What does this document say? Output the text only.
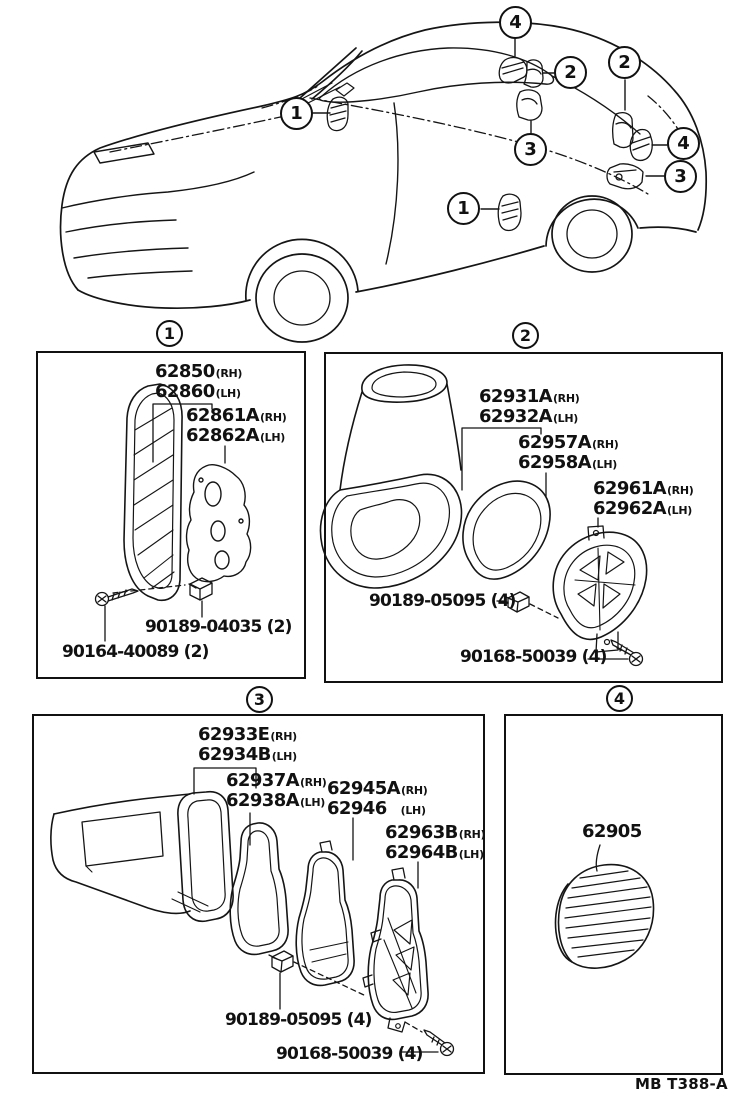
1
4
2	2
3	4
3
1
1	2
3	4
62850(RH)
62860(LH)
62861A(RH)
62862A(LH)
90189-04035 (2)
90164-40089 (2)
62931A(RH)
62932A(LH)
62957A(RH)
62958A(LH)
62961A(RH)
62962A(LH)
90189-05095 (4)
90168-50039 (4)
62933E(RH)
62934B(LH)
62937A(RH)
62938A(LH)
62945A(RH)
62946 (LH)
62963B(RH)
62964B(LH)
90189-05095 (4)
90168-50039 (4)
62905
MB T388-A
